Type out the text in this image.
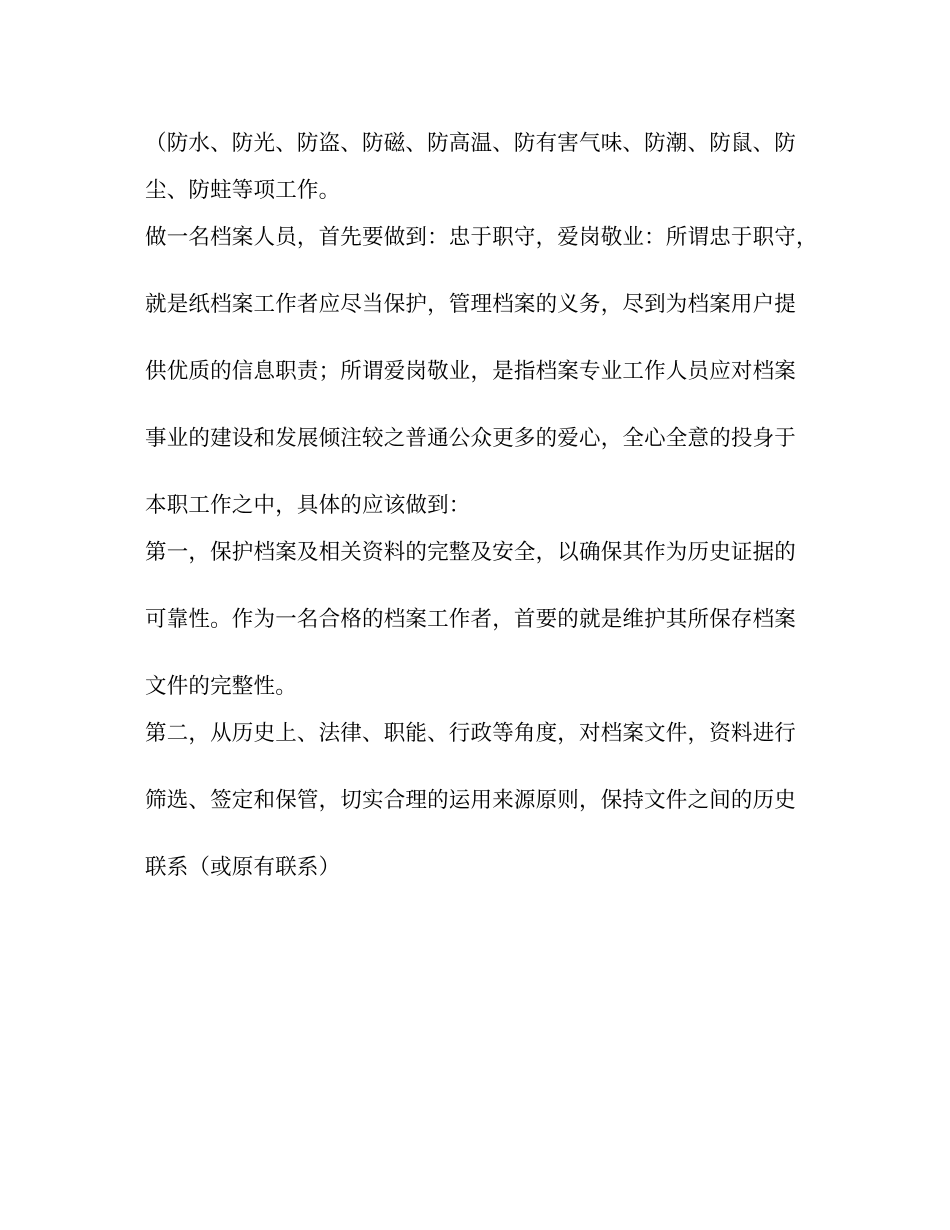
（防水、防光、防盗、防磁、防高温、防有害气味、防潮、防鼠、防
尘、防蛀等项工作。
做一名档案人员，首先要做到：忠于职守，爱岗敬业：所谓忠于职守，
就是纸档案工作者应尽当保护，管理档案的义务，尽到为档案用户提
供优质的信息职责；所谓爱岗敬业，是指档案专业工作人员应对档案
事业的建设和发展倾注较之普通公众更多的爱心，全心全意的投身于
本职工作之中，具体的应该做到：
第一，保护档案及相关资料的完整及安全，以确保其作为历史证据的
可靠性。作为一名合格的档案工作者，首要的就是维护其所保存档案
文件的完整性。
第二，从历史上、法律、职能、行政等角度，对档案文件，资料进行
筛选、签定和保管，切实合理的运用来源原则，保持文件之间的历史
联系（或原有联系）
